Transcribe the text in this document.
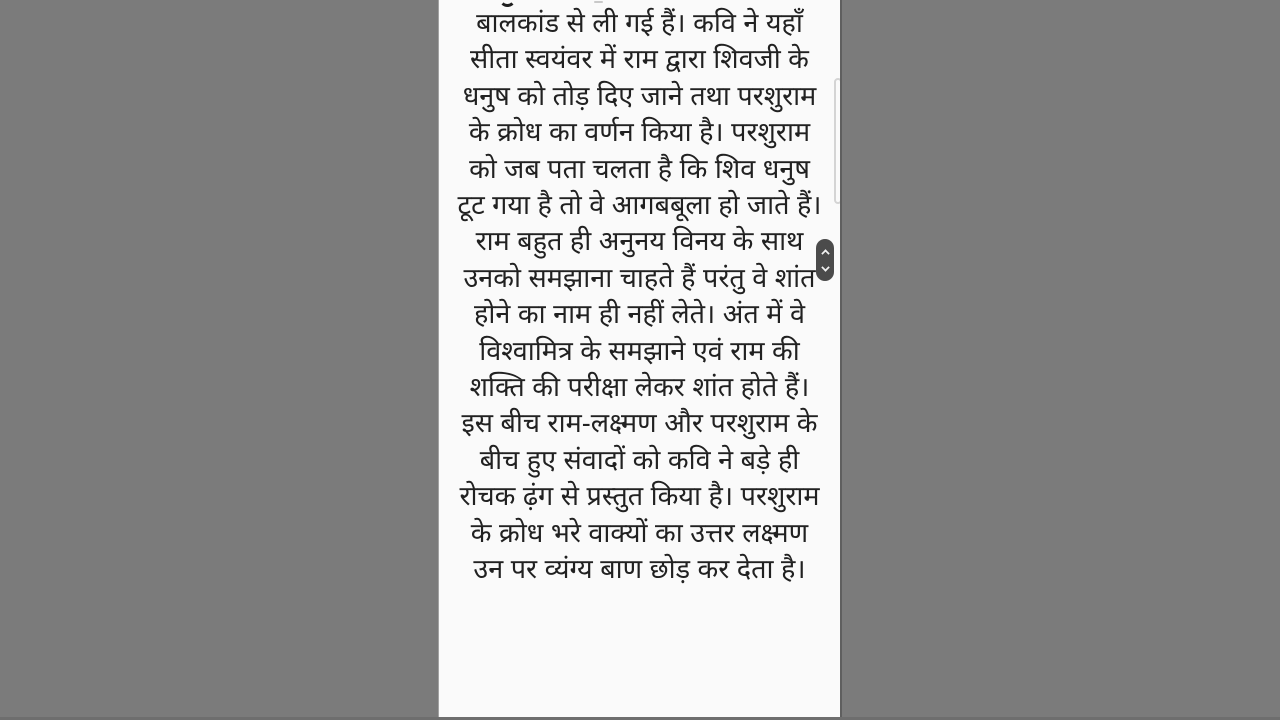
बालकांड से ली गई हैं। कवि ने यहाँ
सीता स्वयंवर में राम द्वारा शिवजी के
धनुष को तोड़ दिए जाने तथा परशुराम
के क्रोध का वर्णन किया है। परशुराम
को जब पता चलता है कि शिव धनुष
टूट गया है तो वे आगबबूला हो जाते हैं।
राम बहुत ही अनुनय विनय के साथ
उनको समझाना चाहते हैं परंतु वे शांत
होने का नाम ही नहीं लेते। अंत में वे
विश्वामित्र के समझाने एवं राम की
शक्ति की परीक्षा लेकर शांत होते हैं।
इस बीच राम-लक्ष्मण और परशुराम के
बीच हुए संवादों को कवि ने बड़े ही
रोचक ढ़ंग से प्रस्तुत किया है। परशुराम
के क्रोध भरे वाक्यों का उत्तर लक्ष्मण
उन पर व्यंग्य बाण छोड़ कर देता है।
